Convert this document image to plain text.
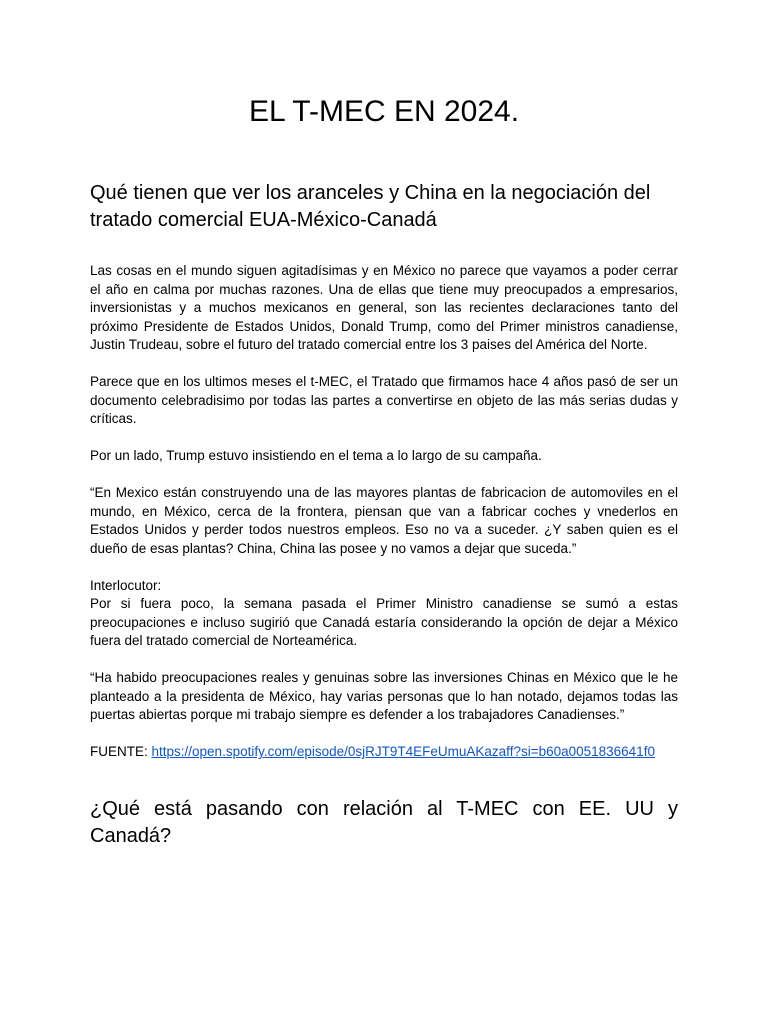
EL T-MEC EN 2024.
Qué tienen que ver los aranceles y China en la negociación del tratado comercial EUA-México-Canadá

Las cosas en el mundo siguen agitadísimas y en México no parece que vayamos a poder cerrar el año en calma por muchas razones. Una de ellas que tiene muy preocupados a empresarios, inversionistas y a muchos mexicanos en general, son las recientes declaraciones tanto del próximo Presidente de Estados Unidos, Donald Trump, como del Primer ministros canadiense, Justin Trudeau, sobre el futuro del tratado comercial entre los 3 paises del América del Norte.

Parece que en los ultimos meses el t-MEC, el Tratado que firmamos hace 4 años pasó de ser un documento celebradisimo por todas las partes a convertirse en objeto de las más serias dudas y críticas.

Por un lado, Trump estuvo insistiendo en el tema a lo largo de su campaña.

“En Mexico están construyendo una de las mayores plantas de fabricacion de automoviles en el mundo, en México, cerca de la frontera, piensan que van a fabricar coches y vnederlos en Estados Unidos y perder todos nuestros empleos. Eso no va a suceder. ¿Y saben quien es el dueño de esas plantas? China, China las posee y no vamos a dejar que suceda.”

Interlocutor:

Por si fuera poco, la semana pasada el Primer Ministro canadiense se sumó a estas preocupaciones e incluso sugirió que Canadá estaría considerando la opción de dejar a México fuera del tratado comercial de Norteamérica.

“Ha habido preocupaciones reales y genuinas sobre las inversiones Chinas en México que le he planteado a la presidenta de México, hay varias personas que lo han notado, dejamos todas las puertas abiertas porque mi trabajo siempre es defender a los trabajadores Canadienses.”

FUENTE: https://open.spotify.com/episode/0sjRJT9T4EFeUmuAKazaff?si=b60a0051836641f0

¿Qué está pasando con relación al T-MEC con EE. UU y Canadá?
